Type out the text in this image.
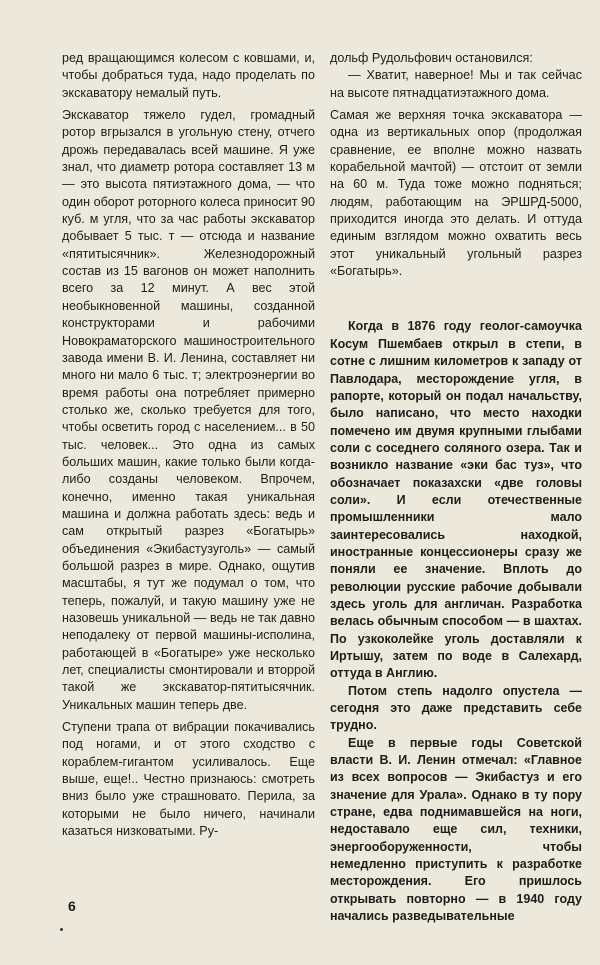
ред вращающимся колесом с ковшами, и, чтобы добраться туда, надо проделать по экскаватору немалый путь.

Экскаватор тяжело гудел, громадный ротор вгрызался в угольную стену, отчего дрожь передавалась всей машине. Я уже знал, что диаметр ротора составляет 13 м — это высота пятиэтажного дома, — что один оборот роторного колеса приносит 90 куб. м угля, что за час работы экскаватор добывает 5 тыс. т — отсюда и название «пятитысячник». Железнодорожный состав из 15 вагонов он может наполнить всего за 12 минут. А вес этой необыкновенной машины, созданной конструкторами и рабочими Новокраматорского машиностроительного завода имени В. И. Ленина, составляет ни много ни мало 6 тыс. т; электроэнергии во время работы она потребляет примерно столько же, сколько требуется для того, чтобы осветить город с населением... в 50 тыс. человек... Это одна из самых больших машин, какие только были когда-либо созданы человеком. Впрочем, конечно, именно такая уникальная машина и должна работать здесь: ведь и сам открытый разрез «Богатырь» объединения «Экибастузуголь» — самый большой разрез в мире. Однако, ощутив масштабы, я тут же подумал о том, что теперь, пожалуй, и такую машину уже не назовешь уникальной — ведь не так давно неподалеку от первой машины-исполина, работающей в «Богатыре» уже несколько лет, специалисты смонтировали и вторрой такой же экскаватор-пятитысячник. Уникальных машин теперь две.

Ступени трапа от вибрации покачивались под ногами, и от этого сходство с кораблем-гигантом усиливалось. Еще выше, еще!.. Честно признаюсь: смотреть вниз было уже страшновато. Перила, за которыми не было ничего, начинали казаться низковатыми. Ру-

дольф Рудольфович остановился:

— Хватит, наверное! Мы и так сейчас на высоте пятнадцатиэтажного дома.

Самая же верхняя точка экскаватора — одна из вертикальных опор (продолжая сравнение, ее вполне можно назвать корабельной мачтой) — отстоит от земли на 60 м. Туда тоже можно подняться; людям, работающим на ЭРШРД-5000, приходится иногда это делать. И оттуда единым взглядом можно охватить весь этот уникальный угольный разрез «Богатырь».

Когда в 1876 году геолог-самоучка Косум Пшембаев открыл в степи, в сотне с лишним километров к западу от Павлодара, месторождение угля, в рапорте, который он подал начальству, было написано, что место находки помечено им двумя крупными глыбами соли с соседнего соляного озера. Так и возникло название «эки бас туз», что обозначает показахски «две головы соли». И если отечественные промышленники мало заинтересовались находкой, иностранные концессионеры сразу же поняли ее значение. Вплоть до революции русские рабочие добывали здесь уголь для англичан. Разработка велась обычным способом — в шахтах. По узкоколейке уголь доставляли к Иртышу, затем по воде в Салехард, оттуда в Англию.

Потом степь надолго опустела — сегодня это даже представить себе трудно.

Еще в первые годы Советской власти В. И. Ленин отмечал: «Главное из всех вопросов — Экибастуз и его значение для Урала». Однако в ту пору стране, едва поднимавшейся на ноги, недоставало еще сил, техники, энергооборуженности, чтобы немедленно приступить к разработке месторождения. Его пришлось открывать повторно — в 1940 году начались разведывательные

6
